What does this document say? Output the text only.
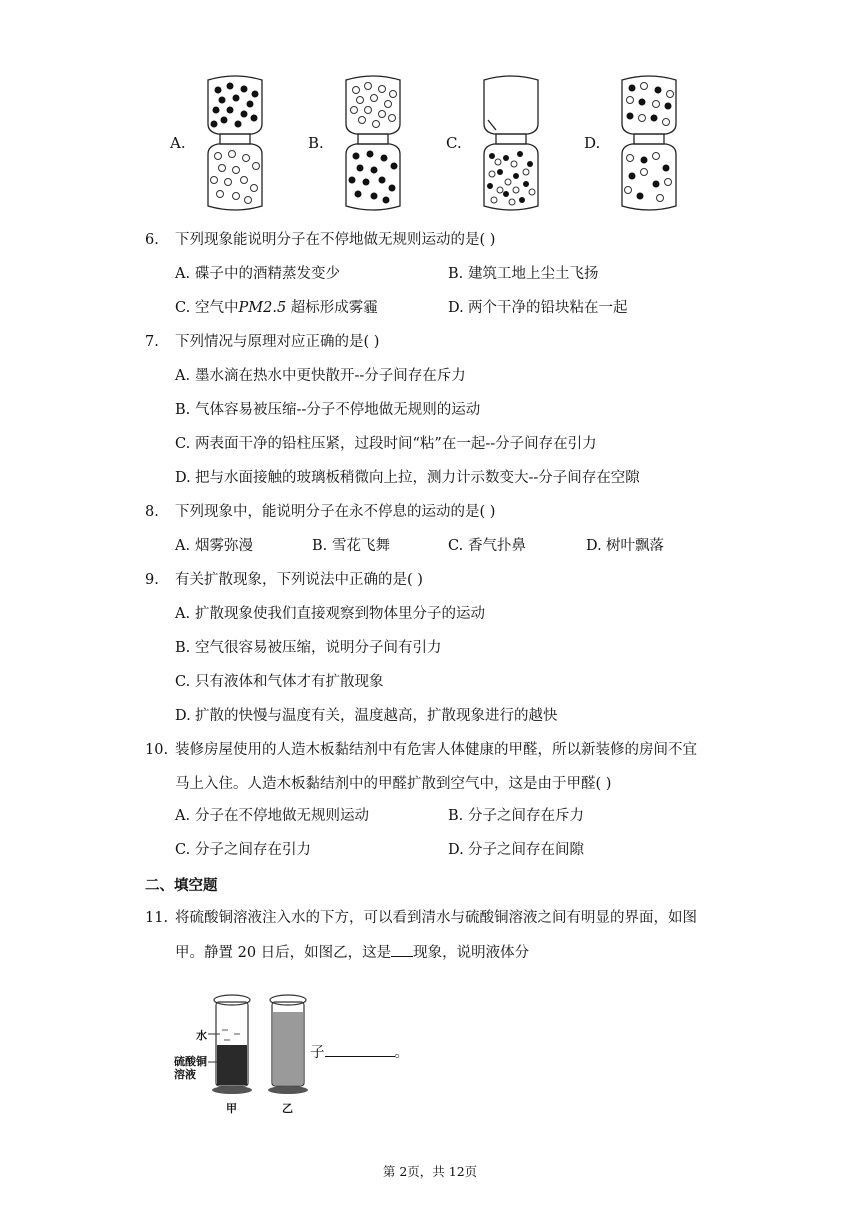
A.	B.	C.	D.
6. 下列现象能说明分子在不停地做无规则运动的是( )
A. 碟子中的酒精蒸发变少	B. 建筑工地上尘土飞扬
C. 空气中PM2.5 超标形成雾霾	D. 两个干净的铅块粘在一起
7. 下列情况与原理对应正确的是( )
A. 墨水滴在热水中更快散开--分子间存在斥力
B. 气体容易被压缩--分子不停地做无规则的运动
C. 两表面干净的铅柱压紧，过段时间“粘”在一起--分子间存在引力
D. 把与水面接触的玻璃板稍微向上拉，测力计示数变大--分子间存在空隙
8. 下列现象中，能说明分子在永不停息的运动的是( )
A. 烟雾弥漫	B. 雪花飞舞	C. 香气扑鼻	D. 树叶飘落
9. 有关扩散现象，下列说法中正确的是( )
A. 扩散现象使我们直接观察到物体里分子的运动
B. 空气很容易被压缩，说明分子间有引力
C. 只有液体和气体才有扩散现象
D. 扩散的快慢与温度有关，温度越高，扩散现象进行的越快
10. 装修房屋使用的人造木板黏结剂中有危害人体健康的甲醛，所以新装修的房间不宜
马上入住。人造木板黏结剂中的甲醛扩散到空气中，这是由于甲醛( )
A. 分子在不停地做无规则运动	B. 分子之间存在斥力
C. 分子之间存在引力	D. 分子之间存在间隙
二、填空题
11. 将硫酸铜溶液注入水的下方，可以看到清水与硫酸铜溶液之间有明显的界面，如图
甲。静置 20 日后，如图乙，这是 现象，说明液体分
水
硫酸铜
溶液
甲	乙
子	。
第 2页，共 12页
